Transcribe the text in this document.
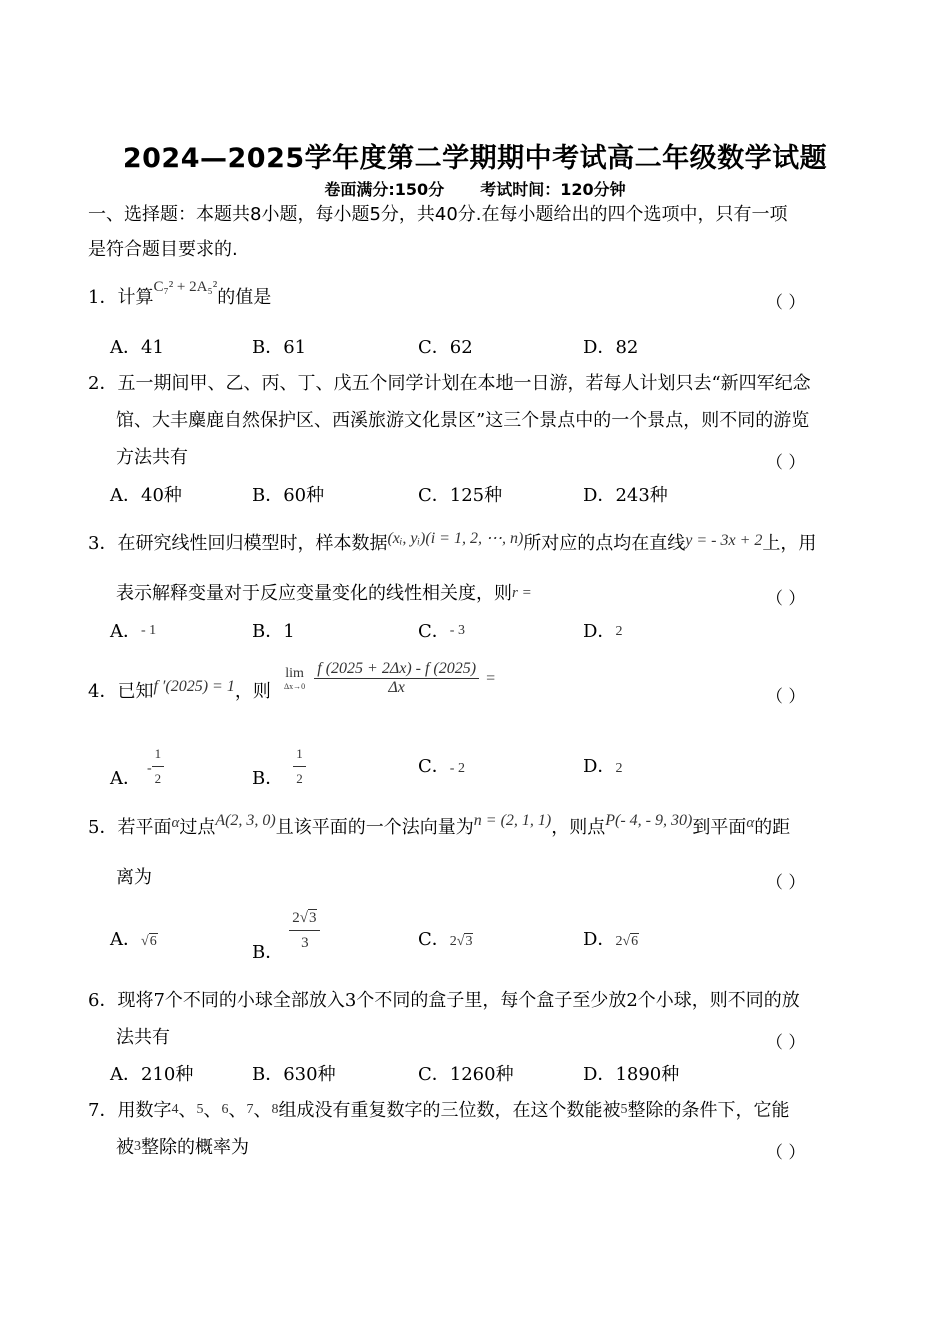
2024—2025学年度第二学期期中考试高二年级数学试题
卷面满分:150分 考试时间：120分钟
一、选择题：本题共8小题，每小题5分，共40分.在每小题给出的四个选项中，只有一项
是符合题目要求的.
1．计算$^{C_7^2 + 2A_5^2}$的值是	（ ）
A．41	B．61	C．62	D．82
2．五一期间甲、乙、丙、丁、戊五个同学计划在本地一日游，若每人计划只去“新四军纪念
馆、大丰麋鹿自然保护区、西溪旅游文化景区”这三个景点中的一个景点，则不同的游览
方法共有	（ ）
A．40种	B．60种	C．125种	D．243种
3．在研究线性回归模型时，样本数据(xᵢ, yᵢ)(i = 1, 2, ⋯, n)所对应的点均在直线y = - 3x + 2上，用
表示解释变量对于反应变量变化的线性相关度，则r =	（ ）
A．- 1	B．1	C．- 3	D．2
4．已知f ′(2025) = 1，则
lim
Δx→0
$\frac{f (2025 + 2\Delta x) - f (2025)}{\Delta x}$ =
（ ）
A． - $\frac{1}{2}$	B． $\frac{1}{2}$	C．- 2	D．2
5．若平面$^\alpha$过点A(2, 3, 0)且该平面的一个法向量为n = (2, 1, 1)，则点P(- 4, - 9, 30)到平面$^\alpha$的距
离为	（ ）
A．√6	B． $\frac{2√3}{3}$	C．2√3	D．2√6
6．现将7个不同的小球全部放入3个不同的盒子里，每个盒子至少放2个小球，则不同的放
法共有	（ ）
A．210种	B．630种	C．1260种	D．1890种
7．用数字4、5、6、7、8组成没有重复数字的三位数，在这个数能被5整除的条件下，它能
被3整除的概率为	（ ）
